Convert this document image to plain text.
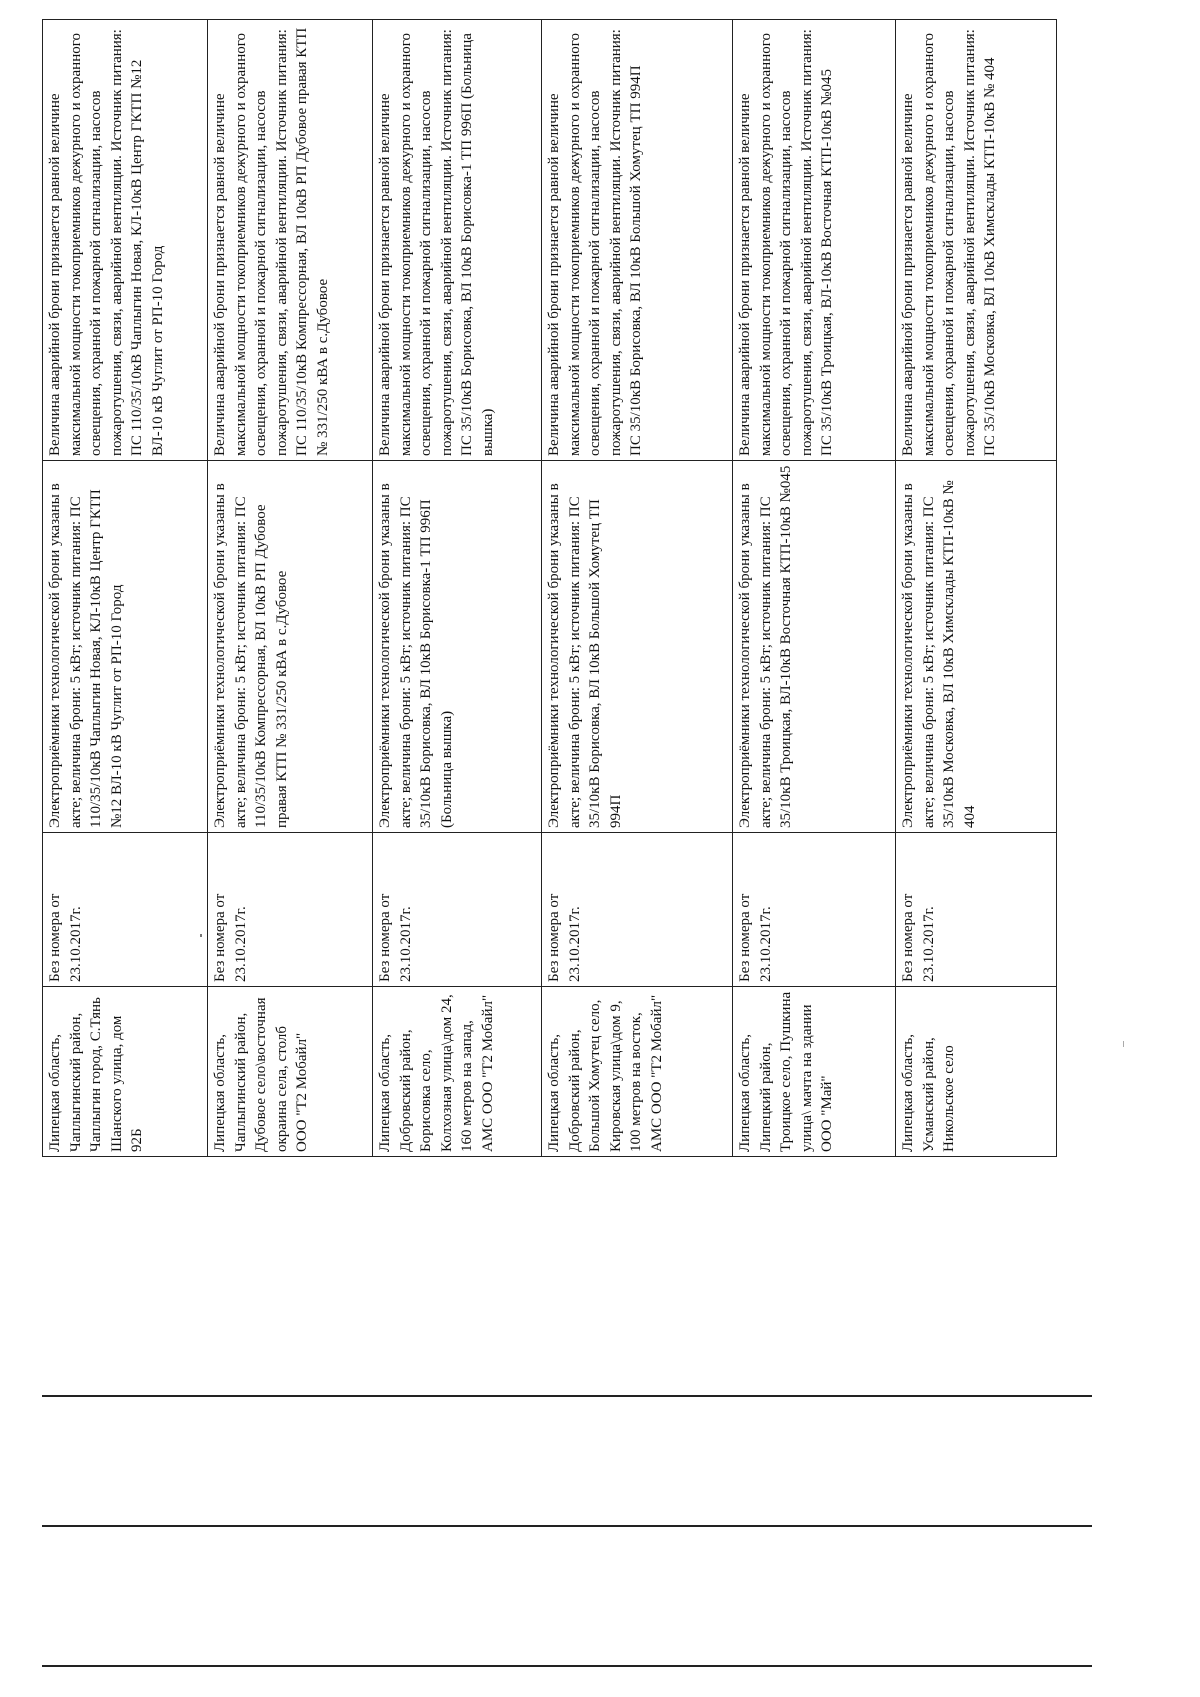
Липецкая область, Чаплыгинский район, Чаплыгин город, С.Тянь Шанского улица, дом 92Б	Без номера от 23.10.2017г.	Электроприёмники технологической брони указаны в акте; величина брони: 5 кВт; источник питания: ПС 110/35/10кВ Чаплыгин Новая, КЛ-10кВ Центр ГКТП №12 ВЛ-10 кВ Чуглит от РП-10 Город	Величина аварийной брони признается равной величине максимальной мощности токоприемников дежурного и охранного освещения, охранной и пожарной сигнализации, насосов пожаротушения, связи, аварийной вентиляции. Источник питания: ПС 110/35/10кВ Чаплыгин Новая, КЛ-10кВ Центр ГКТП №12 ВЛ-10 кВ Чуглит от РП-10 Город
Липецкая область, Чаплыгинский район, Дубовое село\восточная окраина села, столб ООО "Т2 Мобайл"	Без номера от 23.10.2017г.	Электроприёмники технологической брони указаны в акте; величина брони: 5 кВт; источник питания: ПС 110/35/10кВ Компрессорная, ВЛ 10кВ РП Дубовое правая КТП № 331/250 кВА в с.Дубовое	Величина аварийной брони признается равной величине максимальной мощности токоприемников дежурного и охранного освещения, охранной и пожарной сигнализации, насосов пожаротушения, связи, аварийной вентиляции. Источник питания: ПС 110/35/10кВ Компрессорная, ВЛ 10кВ РП Дубовое правая КТП № 331/250 кВА в с.Дубовое
Липецкая область, Добровский район, Борисовка село, Колхозная улица\дом 24, 160 метров на запад, АМС ООО "Т2 Мобайл"	Без номера от 23.10.2017г.	Электроприёмники технологической брони указаны в акте; величина брони: 5 кВт; источник питания: ПС 35/10кВ Борисовка, ВЛ 10кВ Борисовка-1 ТП 996П (Больница вышка)	Величина аварийной брони признается равной величине максимальной мощности токоприемников дежурного и охранного освещения, охранной и пожарной сигнализации, насосов пожаротушения, связи, аварийной вентиляции. Источник питания: ПС 35/10кВ Борисовка, ВЛ 10кВ Борисовка-1 ТП 996П (Больница вышка)
Липецкая область, Добровский район, Большой Хомутец село, Кировская улица\дом 9, 100 метров на восток, АМС ООО "Т2 Мобайл"	Без номера от 23.10.2017г.	Электроприёмники технологической брони указаны в акте; величина брони: 5 кВт; источник питания: ПС 35/10кВ Борисовка, ВЛ 10кВ Большой Хомутец ТП 994П	Величина аварийной брони признается равной величине максимальной мощности токоприемников дежурного и охранного освещения, охранной и пожарной сигнализации, насосов пожаротушения, связи, аварийной вентиляции. Источник питания: ПС 35/10кВ Борисовка, ВЛ 10кВ Большой Хомутец ТП 994П
Липецкая область, Липецкий район, Троицкое село, Пушкина улица\ мачта на здании ООО "Май"	Без номера от 23.10.2017г.	Электроприёмники технологической брони указаны в акте; величина брони: 5 кВт; источник питания: ПС 35/10кВ Троицкая, ВЛ-10кВ Восточная КТП-10кВ №045	Величина аварийной брони признается равной величине максимальной мощности токоприемников дежурного и охранного освещения, охранной и пожарной сигнализации, насосов пожаротушения, связи, аварийной вентиляции. Источник питания: ПС 35/10кВ Троицкая, ВЛ-10кВ Восточная КТП-10кВ №045
Липецкая область, Усманский район, Никольское село	Без номера от 23.10.2017г.	Электроприёмники технологической брони указаны в акте; величина брони: 5 кВт; источник питания: ПС 35/10кВ Московка, ВЛ 10кВ Химсклады КТП-10кВ № 404	Величина аварийной брони признается равной величине максимальной мощности токоприемников дежурного и охранного освещения, охранной и пожарной сигнализации, насосов пожаротушения, связи, аварийной вентиляции. Источник питания: ПС 35/10кВ Московка, ВЛ 10кВ Химсклады КТП-10кВ № 404
